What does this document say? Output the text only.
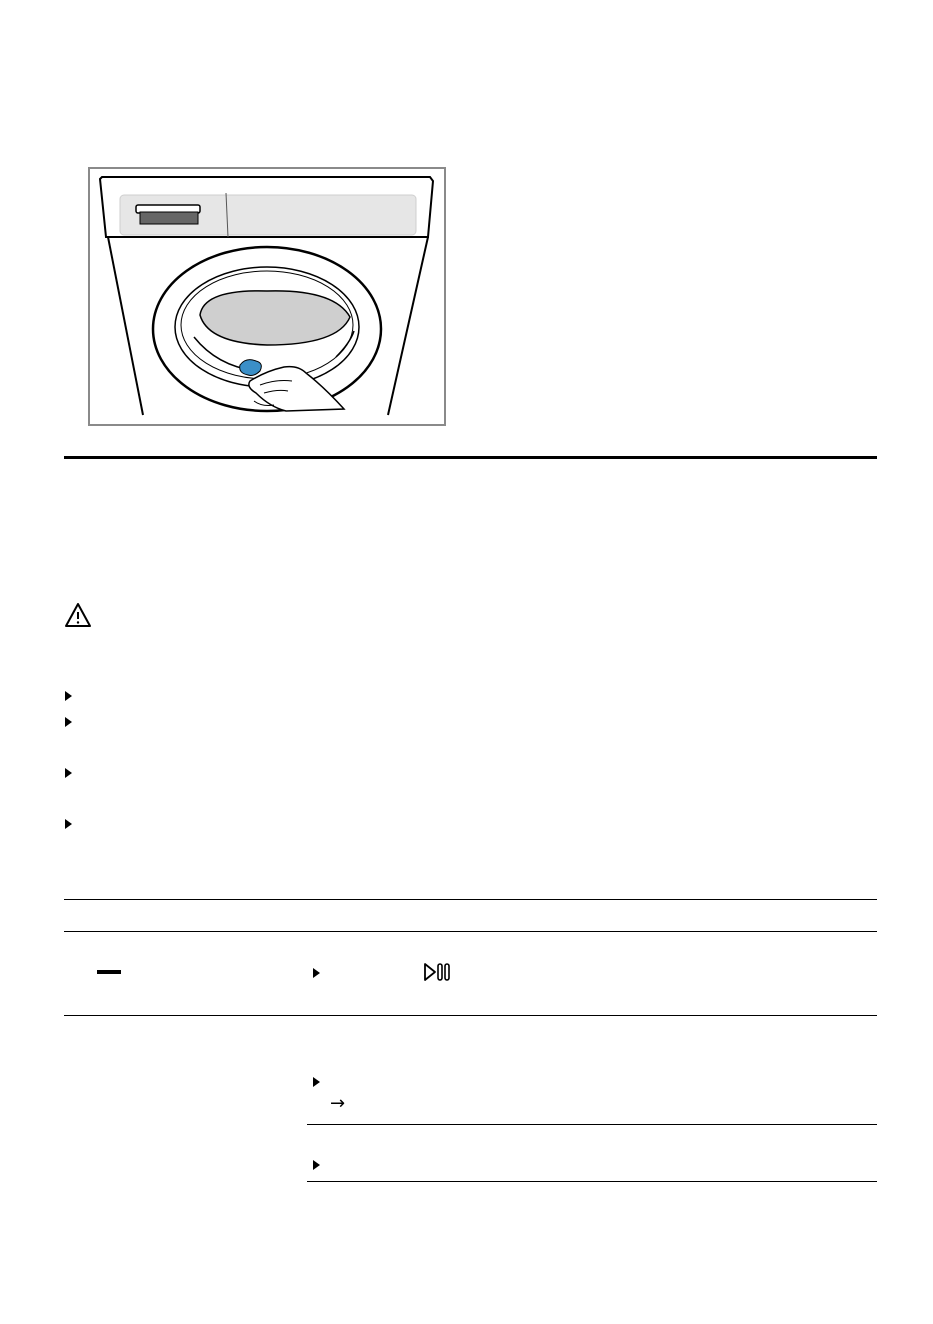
→
